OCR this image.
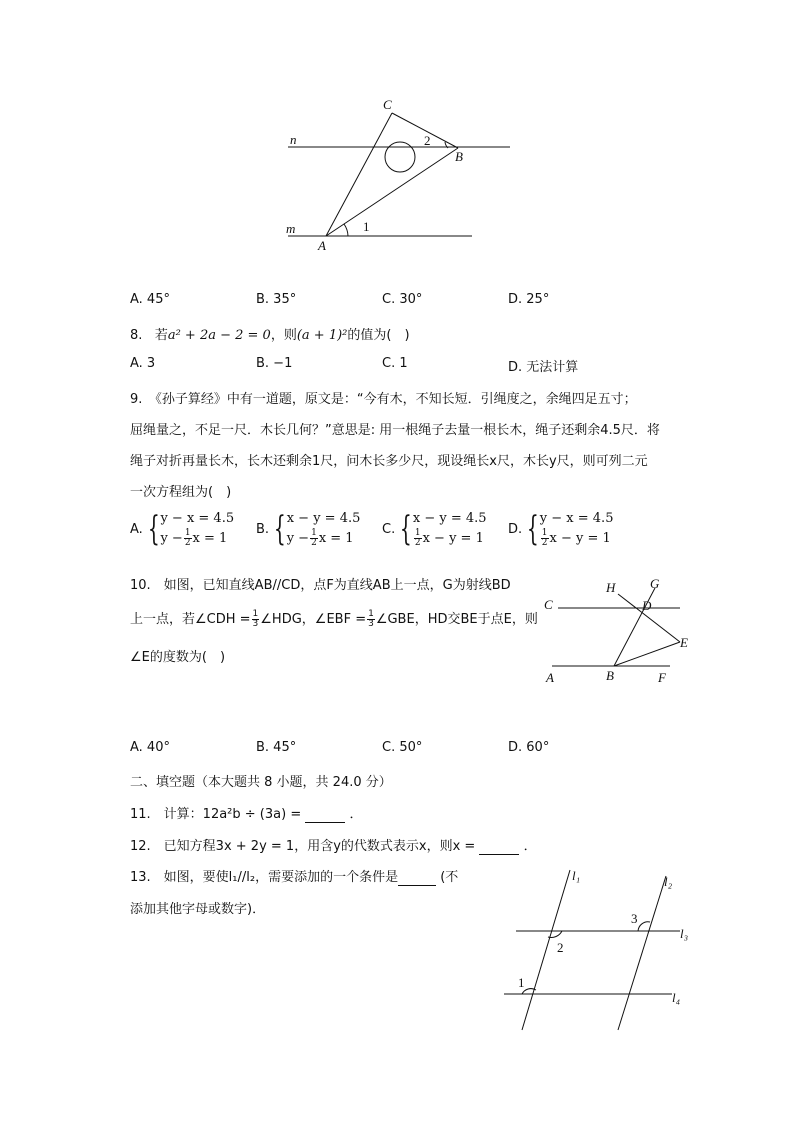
n
m
C
B
A
1
2
A. 45°	B. 35°	C. 30°	D. 25°
8. 若a² + 2a − 2 = 0，则(a + 1)²的值为(　)
A. 3	B. −1	C. 1	D. 无法计算
9.　《孙子算经》中有一道题，原文是：“今有木，不知长短．引绳度之，余绳四足五寸；
屈绳量之，不足一尺．木长几何？”意思是: 用一根绳子去量一根长木，绳子还剩余4.5尺．将
绳子对折再量长木，长木还剩余1尺，问木长多少尺，现设绳长x尺，木长y尺，则可列二元
一次方程组为(　)
A. { y − x = 4.5
$y - \frac{1}{2}$ x = 1
B. { x − y = 4.5
$y - \frac{1}{2}$ x = 1
C. { x − y = 4.5
$\frac{1}{2}$ x − y = 1
D. { y − x = 4.5
$\frac{1}{2}$ x − y = 1
10.　如图，已知直线AB//CD，点F为直线AB上一点，G为射线BD
上一点，若∠CDH = $\frac{1}{3}$ ∠HDG，∠EBF = $\frac{1}{3}$ ∠GBE，HD交BE于点E，则
∠E的度数为(　)
H	G
C	D
E
A	B	F
A. 40°	B. 45°	C. 50°	D. 60°
二、填空题（本大题共 8 小题，共 24.0 分）
11.　计算：12a²b ÷ (3a) =	．
12.　已知方程3x + 2y = 1，用含y的代数式表示x，则x =	．
13.　如图，要使l₁//l₂，需要添加的一个条件是	(不
添加其他字母或数字)．
l₁	l₂
l₃
l₄
1
2
3
